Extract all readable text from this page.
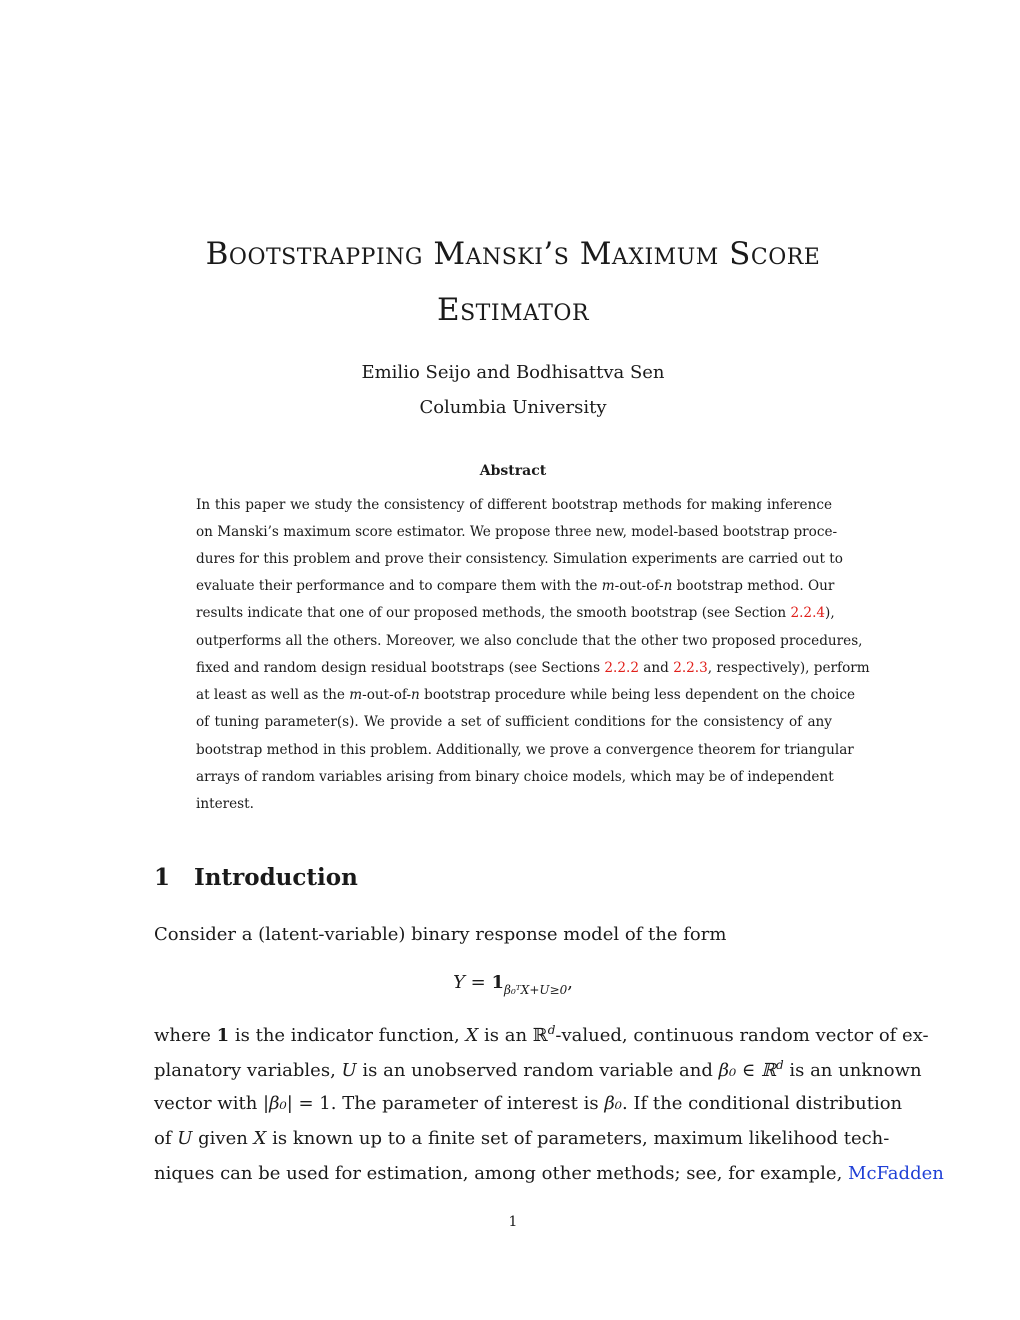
Bootstrapping Manski’s Maximum Score
Estimator
Emilio Seijo and Bodhisattva Sen
Columbia University
Abstract
In this paper we study the consistency of different bootstrap methods for making inference
on Manski’s maximum score estimator. We propose three new, model-based bootstrap proce-
dures for this problem and prove their consistency. Simulation experiments are carried out to
evaluate their performance and to compare them with the m-out-of-n bootstrap method. Our
results indicate that one of our proposed methods, the smooth bootstrap (see Section 2.2.4),
outperforms all the others. Moreover, we also conclude that the other two proposed procedures,
fixed and random design residual bootstraps (see Sections 2.2.2 and 2.2.3, respectively), perform
at least as well as the m-out-of-n bootstrap procedure while being less dependent on the choice
of tuning parameter(s). We provide a set of sufficient conditions for the consistency of any
bootstrap method in this problem. Additionally, we prove a convergence theorem for triangular
arrays of random variables arising from binary choice models, which may be of independent
interest.
1 Introduction
Consider a (latent-variable) binary response model of the form
$Y = 1_{\beta_0ᵀX+U\ge 0}$,
where 1 is the indicator function, X is an ℝ$^d$-valued, continuous random vector of ex-
planatory variables, U is an unobserved random variable and β₀ ∈ ℝ$^d$ is an unknown
vector with |β₀| = 1. The parameter of interest is β₀. If the conditional distribution
of U given X is known up to a finite set of parameters, maximum likelihood tech-
niques can be used for estimation, among other methods; see, for example, McFadden
1
